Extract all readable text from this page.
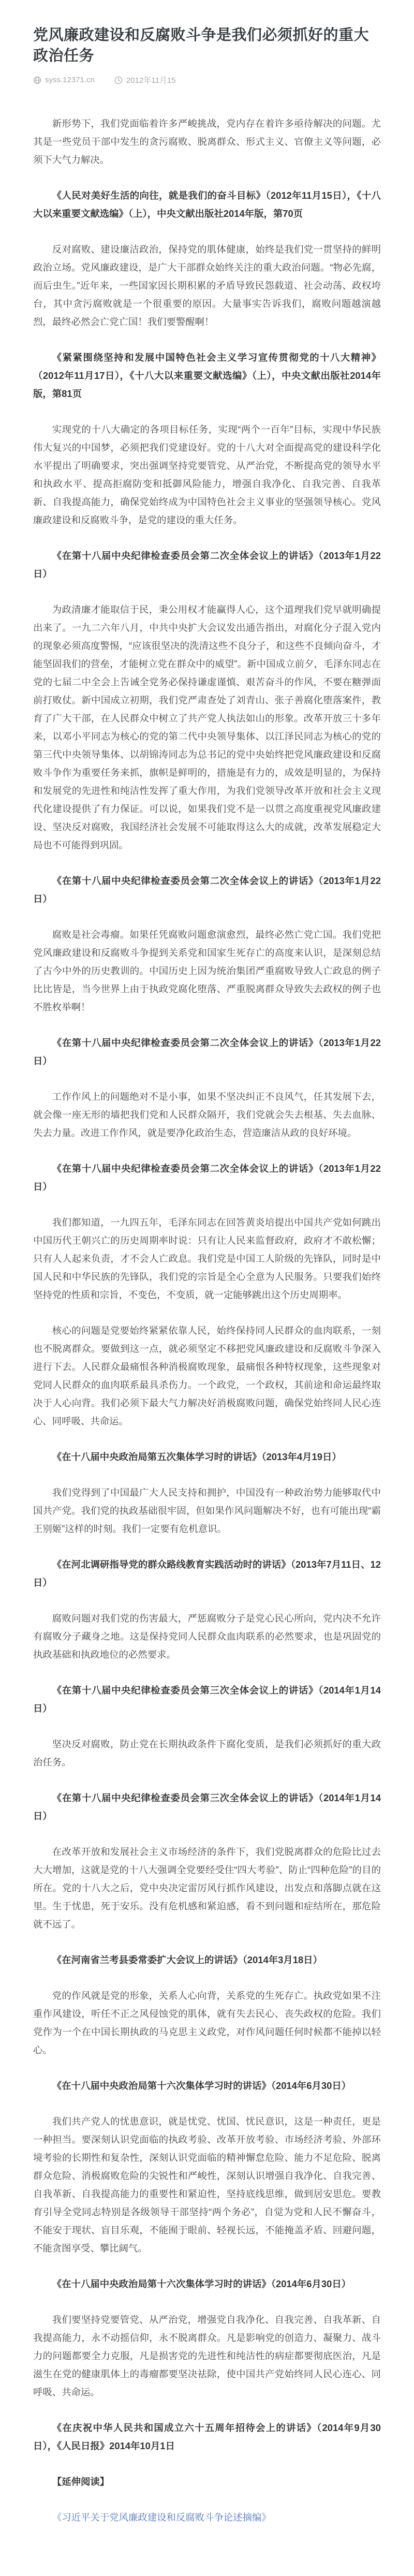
党风廉政建设和反腐败斗争是我们必须抓好的重大政治任务
syss.12371.cn	2012年11月15

新形势下，我们党面临着许多严峻挑战，党内存在着许多亟待解决的问题。尤其是一些党员干部中发生的贪污腐败、脱离群众、形式主义、官僚主义等问题，必须下大气力解决。

《人民对美好生活的向往，就是我们的奋斗目标》（2012年11月15日），《十八大以来重要文献选编》（上），中央文献出版社2014年版，第70页

反对腐败、建设廉洁政治，保持党的肌体健康，始终是我们党一贯坚持的鲜明政治立场。党风廉政建设，是广大干部群众始终关注的重大政治问题。“物必先腐，而后虫生。”近年来，一些国家因长期积累的矛盾导致民怨载道、社会动荡、政权垮台，其中贪污腐败就是一个很重要的原因。大量事实告诉我们，腐败问题越演越烈，最终必然会亡党亡国！我们要警醒啊！

《紧紧围绕坚持和发展中国特色社会主义学习宣传贯彻党的十八大精神》（2012年11月17日），《十八大以来重要文献选编》（上），中央文献出版社2014年版，第81页

实现党的十八大确定的各项目标任务，实现“两个一百年”目标，实现中华民族伟大复兴的中国梦，必须把我们党建设好。党的十八大对全面提高党的建设科学化水平提出了明确要求，突出强调坚持党要管党、从严治党，不断提高党的领导水平和执政水平、提高拒腐防变和抵御风险能力，增强自我净化、自我完善、自我革新、自我提高能力，确保党始终成为中国特色社会主义事业的坚强领导核心。党风廉政建设和反腐败斗争，是党的建设的重大任务。

《在第十八届中央纪律检查委员会第二次全体会议上的讲话》（2013年1月22日）

为政清廉才能取信于民，秉公用权才能赢得人心，这个道理我们党早就明确提出来了。一九二六年八月，中共中央扩大会议发出通告指出，对腐化分子混入党内的现象必须高度警惕，“应该很坚决的洗清这些不良分子，和这些不良倾向奋斗，才能坚固我们的营垒，才能树立党在群众中的威望”。新中国成立前夕，毛泽东同志在党的七届二中全会上告诫全党务必保持谦虚谨慎、艰苦奋斗的作风，不要在糖弹面前打败仗。新中国成立初期，我们党严肃查处了刘青山、张子善腐化堕落案件，教育了广大干部，在人民群众中树立了共产党人执法如山的形象。改革开放三十多年来，以邓小平同志为核心的党的第二代中央领导集体、以江泽民同志为核心的党的第三代中央领导集体、以胡锦涛同志为总书记的党中央始终把党风廉政建设和反腐败斗争作为重要任务来抓，旗帜是鲜明的，措施是有力的，成效是明显的，为保持和发展党的先进性和纯洁性发挥了重大作用，为我们党领导改革开放和社会主义现代化建设提供了有力保证。可以说，如果我们党不是一以贯之高度重视党风廉政建设、坚决反对腐败，我国经济社会发展不可能取得这么大的成就，改革发展稳定大局也不可能得到巩固。

《在第十八届中央纪律检查委员会第二次全体会议上的讲话》（2013年1月22日）

腐败是社会毒瘤。如果任凭腐败问题愈演愈烈，最终必然亡党亡国。我们党把党风廉政建设和反腐败斗争提到关系党和国家生死存亡的高度来认识，是深刻总结了古今中外的历史教训的。中国历史上因为统治集团严重腐败导致人亡政息的例子比比皆是，当今世界上由于执政党腐化堕落、严重脱离群众导致失去政权的例子也不胜枚举啊！

《在第十八届中央纪律检查委员会第二次全体会议上的讲话》（2013年1月22日）

工作作风上的问题绝对不是小事，如果不坚决纠正不良风气，任其发展下去，就会像一座无形的墙把我们党和人民群众隔开，我们党就会失去根基、失去血脉、失去力量。改进工作作风，就是要净化政治生态，营造廉洁从政的良好环境。

《在第十八届中央纪律检查委员会第二次全体会议上的讲话》（2013年1月22日）

我们都知道，一九四五年，毛泽东同志在回答黄炎培提出中国共产党如何跳出中国历代王朝兴亡的历史周期率时说：只有让人民来监督政府，政府才不敢松懈；只有人人起来负责，才不会人亡政息。我们党是中国工人阶级的先锋队，同时是中国人民和中华民族的先锋队，我们党的宗旨是全心全意为人民服务。只要我们始终坚持党的性质和宗旨，不变色，不变质，就一定能够跳出这个历史周期率。

核心的问题是党要始终紧紧依靠人民，始终保持同人民群众的血肉联系，一刻也不脱离群众。要做到这一点，就必须坚定不移把党风廉政建设和反腐败斗争深入进行下去。人民群众最痛恨各种消极腐败现象，最痛恨各种特权现象，这些现象对党同人民群众的血肉联系最具杀伤力。一个政党，一个政权，其前途和命运最终取决于人心向背。我们必须下最大气力解决好消极腐败问题，确保党始终同人民心连心、同呼吸、共命运。

《在十八届中央政治局第五次集体学习时的讲话》（2013年4月19日）

我们党得到了中国最广大人民支持和拥护，中国没有一种政治势力能够取代中国共产党。我们党的执政基础很牢固，但如果作风问题解决不好，也有可能出现“霸王别姬”这样的时刻。我们一定要有危机意识。

《在河北调研指导党的群众路线教育实践活动时的讲话》（2013年7月11日、12日）

腐败问题对我们党的伤害最大，严惩腐败分子是党心民心所向，党内决不允许有腐败分子藏身之地。这是保持党同人民群众血肉联系的必然要求，也是巩固党的执政基础和执政地位的必然要求。

《在第十八届中央纪律检查委员会第三次全体会议上的讲话》（2014年1月14日）

坚决反对腐败，防止党在长期执政条件下腐化变质，是我们必须抓好的重大政治任务。

《在第十八届中央纪律检查委员会第三次全体会议上的讲话》（2014年1月14日）

在改革开放和发展社会主义市场经济的条件下，我们党脱离群众的危险比过去大大增加，这就是党的十八大强调全党要经受住“四大考验”、防止“四种危险”的目的所在。党的十八大之后，党中央决定雷厉风行抓作风建设，出发点和落脚点就在这里。生于忧患，死于安乐。没有危机感和紧迫感，看不到问题和症结所在，那危险就不远了。

《在河南省兰考县委常委扩大会议上的讲话》（2014年3月18日）

党的作风就是党的形象，关系人心向背，关系党的生死存亡。执政党如果不注重作风建设，听任不正之风侵蚀党的肌体，就有失去民心、丧失政权的危险。我们党作为一个在中国长期执政的马克思主义政党，对作风问题任何时候都不能掉以轻心。

《在十八届中央政治局第十六次集体学习时的讲话》（2014年6月30日）

我们共产党人的忧患意识，就是忧党、忧国、忧民意识，这是一种责任，更是一种担当。要深刻认识党面临的执政考验、改革开放考验、市场经济考验、外部环境考验的长期性和复杂性，深刻认识党面临的精神懈怠危险、能力不足危险、脱离群众危险、消极腐败危险的尖锐性和严峻性，深刻认识增强自我净化、自我完善、自我革新、自我提高能力的重要性和紧迫性，坚持底线思维，做到居安思危。要教育引导全党同志特别是各级领导干部坚持“两个务必”，自觉为党和人民不懈奋斗，不能安于现状、盲目乐观，不能囿于眼前、轻视长远，不能掩盖矛盾、回避问题，不能贪图享受、攀比阔气。

《在十八届中央政治局第十六次集体学习时的讲话》（2014年6月30日）

我们要坚持党要管党、从严治党，增强党自我净化、自我完善、自我革新、自我提高能力，永不动摇信仰，永不脱离群众。凡是影响党的创造力、凝聚力、战斗力的问题都要全力克服，凡是损害党的先进性和纯洁性的病症都要彻底医治，凡是滋生在党的健康肌体上的毒瘤都要坚决祛除，使中国共产党始终同人民心连心、同呼吸、共命运。

《在庆祝中华人民共和国成立六十五周年招待会上的讲话》（2014年9月30日），《人民日报》2014年10月1日

【延伸阅读】
《习近平关于党风廉政建设和反腐败斗争论述摘编》
